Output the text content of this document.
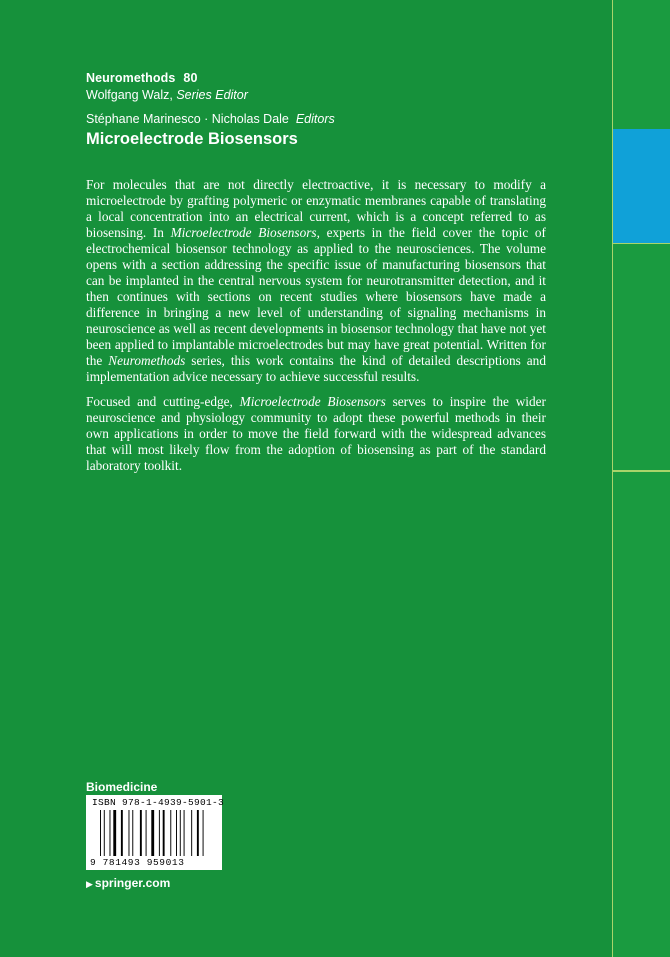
Neuromethods 80
Wolfgang Walz, Series Editor
Stéphane Marinesco · Nicholas Dale Editors
Microelectrode Biosensors

For molecules that are not directly electroactive, it is necessary to modify a microelectrode by grafting polymeric or enzymatic membranes capable of translating a local concentration into an electrical current, which is a concept referred to as biosensing. In Microelectrode Biosensors, experts in the field cover the topic of electrochemical biosensor technology as applied to the neurosciences. The volume opens with a section addressing the specific issue of manufacturing biosensors that can be implanted in the central nervous system for neurotransmitter detection, and it then continues with sections on recent studies where biosensors have made a difference in bringing a new level of understanding of signaling mechanisms in neuroscience as well as recent developments in biosensor technology that have not yet been applied to implantable microelectrodes but may have great potential. Written for the Neuromethods series, this work contains the kind of detailed descriptions and implementation advice necessary to achieve successful results.

Focused and cutting-edge, Microelectrode Biosensors serves to inspire the wider neuroscience and physiology community to adopt these powerful methods in their own applications in order to move the field forward with the widespread advances that will most likely flow from the adoption of biosensing as part of the standard laboratory toolkit.

Biomedicine
ISBN 978-1-4939-5901-3
9 781493 959013
▶ springer.com
